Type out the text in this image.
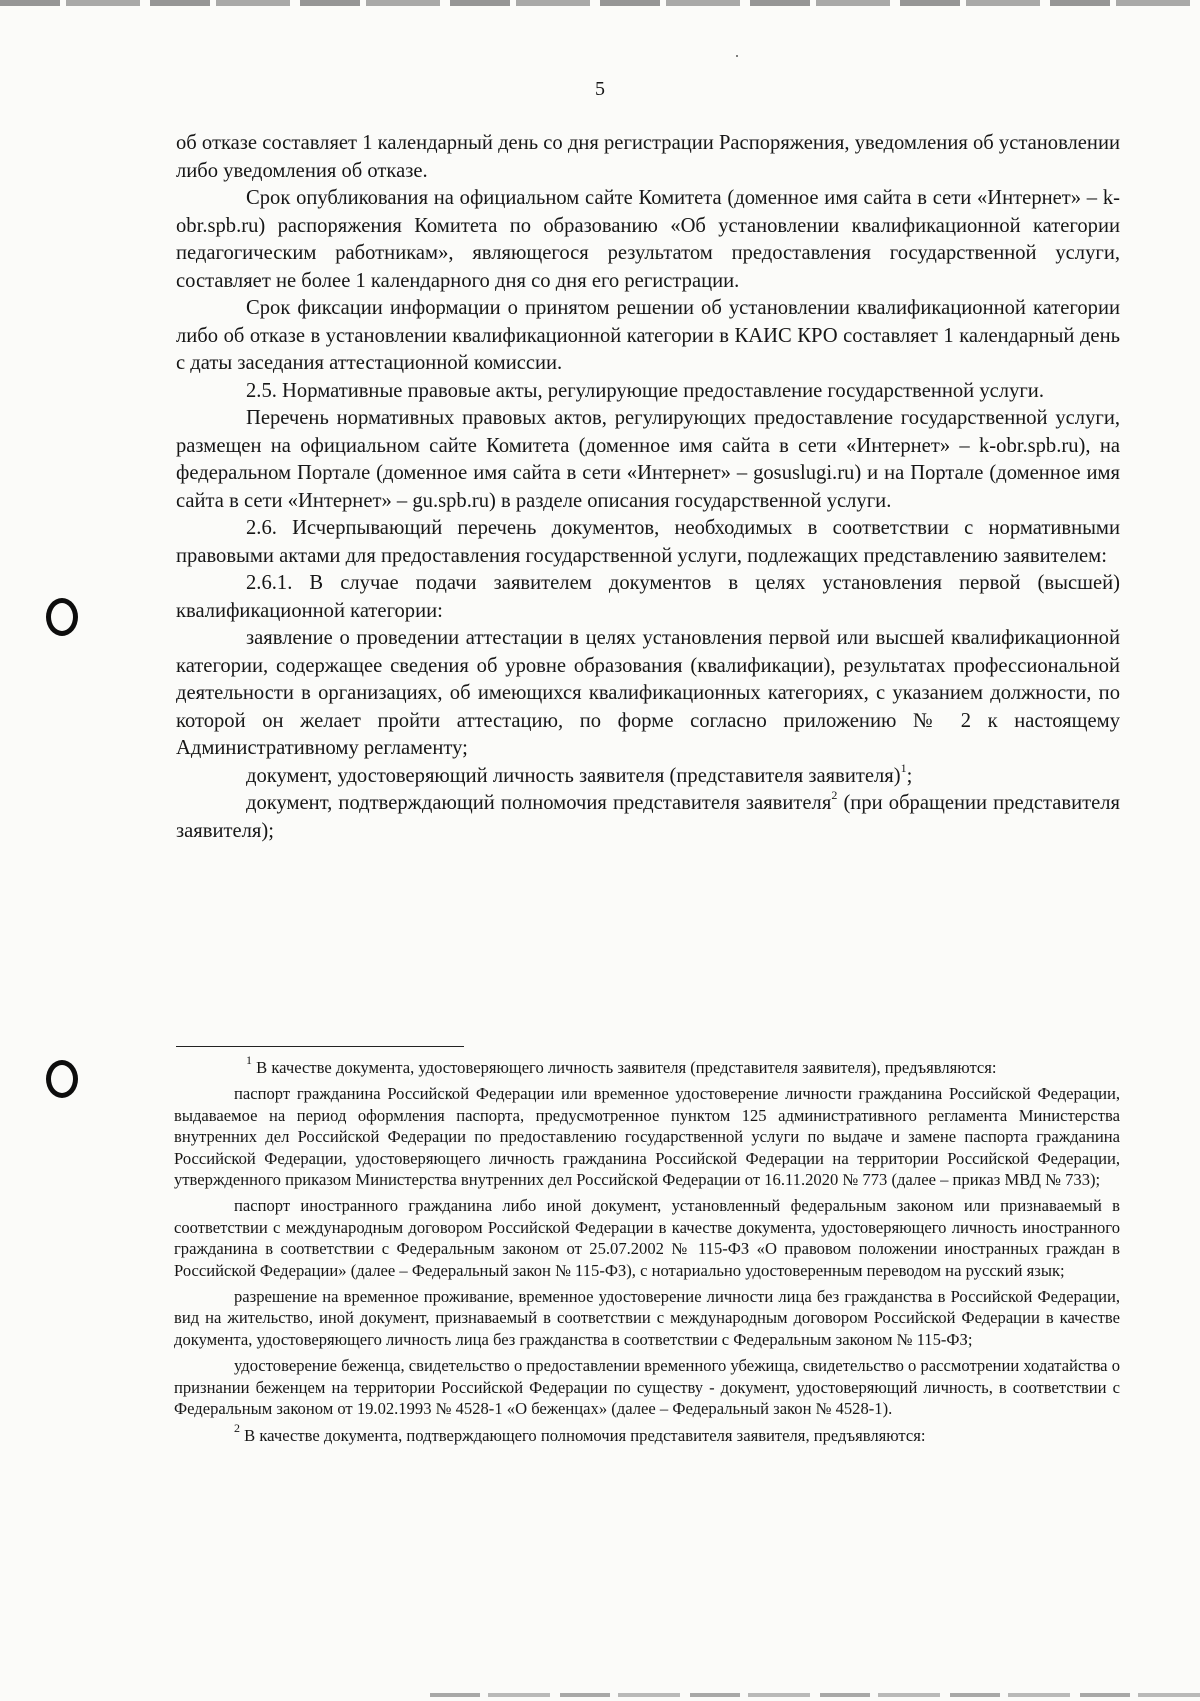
5

об отказе составляет 1 календарный день со дня регистрации Распоряжения, уведомления об установлении либо уведомления об отказе.

Срок опубликования на официальном сайте Комитета (доменное имя сайта в сети «Интернет» – k-obr.spb.ru) распоряжения Комитета по образованию «Об установлении квалификационной категории педагогическим работникам», являющегося результатом предоставления государственной услуги, составляет не более 1 календарного дня со дня его регистрации.

Срок фиксации информации о принятом решении об установлении квалификационной категории либо об отказе в установлении квалификационной категории в КАИС КРО составляет 1 календарный день с даты заседания аттестационной комиссии.

2.5. Нормативные правовые акты, регулирующие предоставление государственной услуги.

Перечень нормативных правовых актов, регулирующих предоставление государственной услуги, размещен на официальном сайте Комитета (доменное имя сайта в сети «Интернет» – k-obr.spb.ru), на федеральном Портале (доменное имя сайта в сети «Интернет» – gosuslugi.ru) и на Портале (доменное имя сайта в сети «Интернет» – gu.spb.ru) в разделе описания государственной услуги.

2.6. Исчерпывающий перечень документов, необходимых в соответствии с нормативными правовыми актами для предоставления государственной услуги, подлежащих представлению заявителем:

2.6.1. В случае подачи заявителем документов в целях установления первой (высшей) квалификационной категории:

заявление о проведении аттестации в целях установления первой или высшей квалификационной категории, содержащее сведения об уровне образования (квалификации), результатах профессиональной деятельности в организациях, об имеющихся квалификационных категориях, с указанием должности, по которой он желает пройти аттестацию, по форме согласно приложению № 2 к настоящему Административному регламенту;

документ, удостоверяющий личность заявителя (представителя заявителя)$^1$;

документ, подтверждающий полномочия представителя заявителя$^2$ (при обращении представителя заявителя);

$^1$ В качестве документа, удостоверяющего личность заявителя (представителя заявителя), предъявляются:

паспорт гражданина Российской Федерации или временное удостоверение личности гражданина Российской Федерации, выдаваемое на период оформления паспорта, предусмотренное пунктом 125 административного регламента Министерства внутренних дел Российской Федерации по предоставлению государственной услуги по выдаче и замене паспорта гражданина Российской Федерации, удостоверяющего личность гражданина Российской Федерации на территории Российской Федерации, утвержденного приказом Министерства внутренних дел Российской Федерации от 16.11.2020 № 773 (далее – приказ МВД № 733);

паспорт иностранного гражданина либо иной документ, установленный федеральным законом или признаваемый в соответствии с международным договором Российской Федерации в качестве документа, удостоверяющего личность иностранного гражданина в соответствии с Федеральным законом от 25.07.2002 № 115-ФЗ «О правовом положении иностранных граждан в Российской Федерации» (далее – Федеральный закон № 115-ФЗ), с нотариально удостоверенным переводом на русский язык;

разрешение на временное проживание, временное удостоверение личности лица без гражданства в Российской Федерации, вид на жительство, иной документ, признаваемый в соответствии с международным договором Российской Федерации в качестве документа, удостоверяющего личность лица без гражданства в соответствии с Федеральным законом № 115-ФЗ;

удостоверение беженца, свидетельство о предоставлении временного убежища, свидетельство о рассмотрении ходатайства о признании беженцем на территории Российской Федерации по существу - документ, удостоверяющий личность, в соответствии с Федеральным законом от 19.02.1993 № 4528-1 «О беженцах» (далее – Федеральный закон № 4528-1).

$^2$ В качестве документа, подтверждающего полномочия представителя заявителя, предъявляются:
